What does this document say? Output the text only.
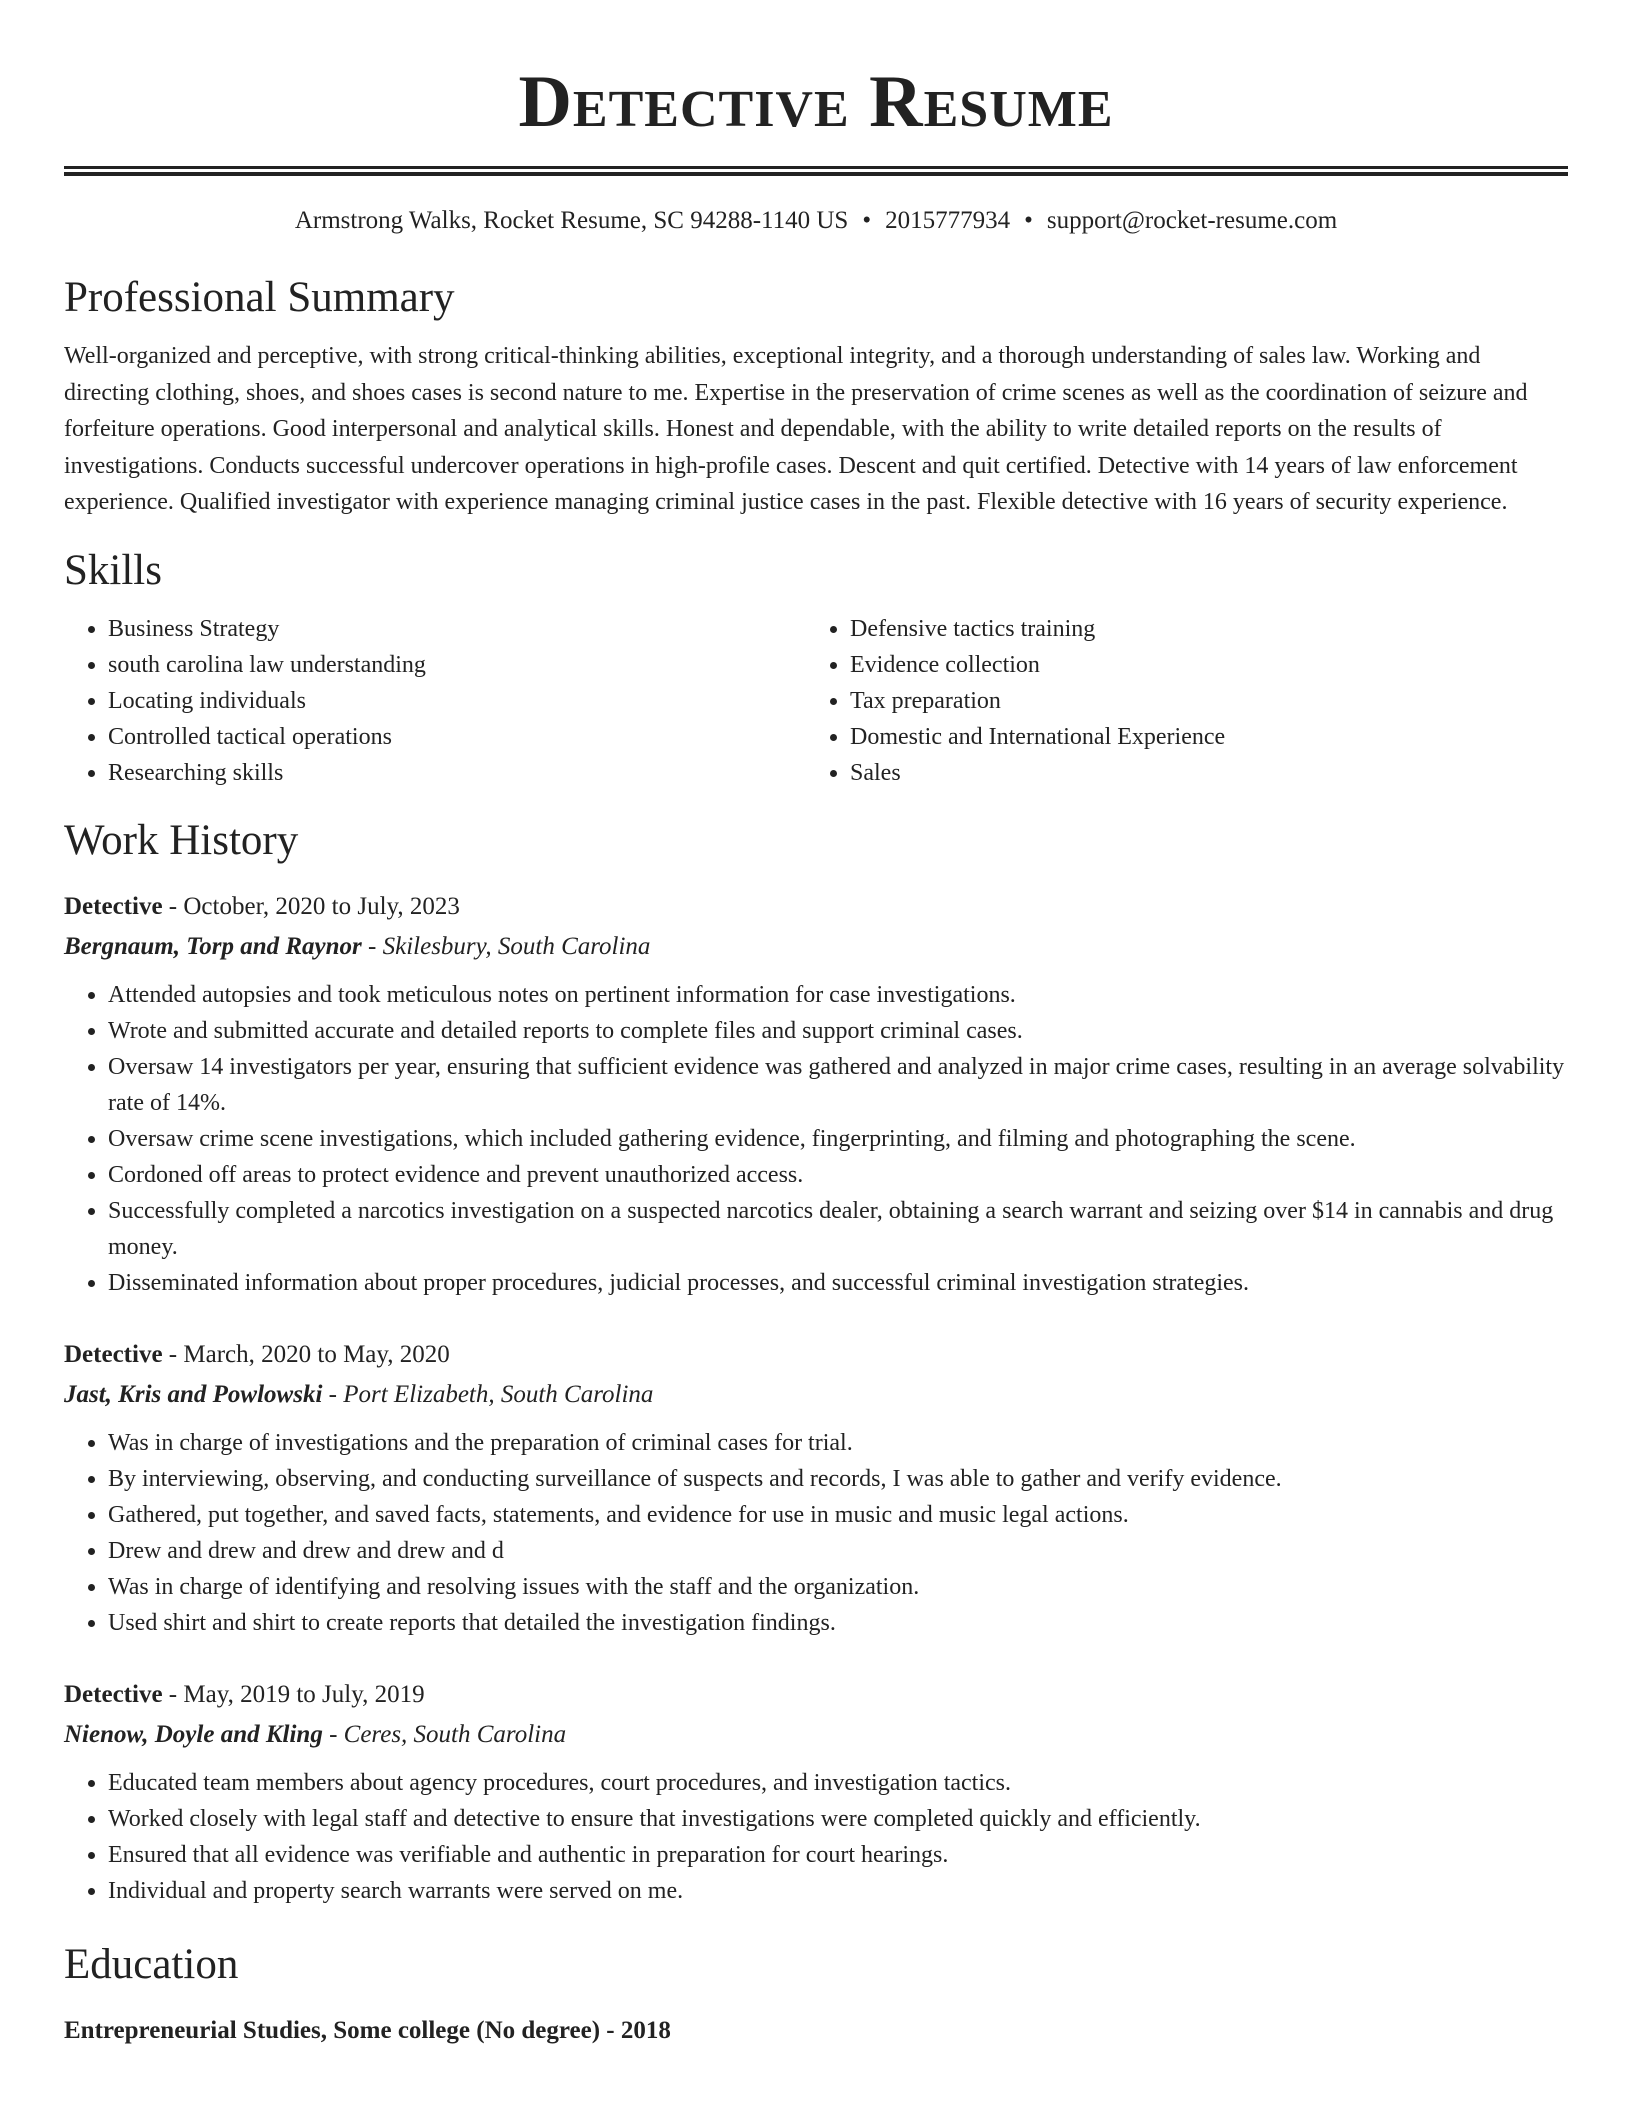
Detective Resume
Armstrong Walks, Rocket Resume, SC 94288-1140 US • 2015777934 • support@rocket-resume.com
Professional Summary

Well-organized and perceptive, with strong critical-thinking abilities, exceptional integrity, and a thorough understanding of sales law. Working and directing clothing, shoes, and shoes cases is second nature to me. Expertise in the preservation of crime scenes as well as the coordination of seizure and forfeiture operations. Good interpersonal and analytical skills. Honest and dependable, with the ability to write detailed reports on the results of investigations. Conducts successful undercover operations in high-profile cases. Descent and quit certified. Detective with 14 years of law enforcement experience. Qualified investigator with experience managing criminal justice cases in the past. Flexible detective with 16 years of security experience.

Skills
• Business Strategy
• south carolina law understanding
• Locating individuals
• Controlled tactical operations
• Researching skills
• Defensive tactics training
• Evidence collection
• Tax preparation
• Domestic and International Experience
• Sales
Work History
Detective - October, 2020 to July, 2023
Bergnaum, Torp and Raynor - Skilesbury, South Carolina
• Attended autopsies and took meticulous notes on pertinent information for case investigations.
• Wrote and submitted accurate and detailed reports to complete files and support criminal cases.
• Oversaw 14 investigators per year, ensuring that sufficient evidence was gathered and analyzed in major crime cases, resulting in an average solvability rate of 14%.
• Oversaw crime scene investigations, which included gathering evidence, fingerprinting, and filming and photographing the scene.
• Cordoned off areas to protect evidence and prevent unauthorized access.
• Successfully completed a narcotics investigation on a suspected narcotics dealer, obtaining a search warrant and seizing over $14 in cannabis and drug money.
• Disseminated information about proper procedures, judicial processes, and successful criminal investigation strategies.
Detective - March, 2020 to May, 2020
Jast, Kris and Powlowski - Port Elizabeth, South Carolina
• Was in charge of investigations and the preparation of criminal cases for trial.
• By interviewing, observing, and conducting surveillance of suspects and records, I was able to gather and verify evidence.
• Gathered, put together, and saved facts, statements, and evidence for use in music and music legal actions.
• Drew and drew and drew and drew and d
• Was in charge of identifying and resolving issues with the staff and the organization.
• Used shirt and shirt to create reports that detailed the investigation findings.
Detective - May, 2019 to July, 2019
Nienow, Doyle and Kling - Ceres, South Carolina
• Educated team members about agency procedures, court procedures, and investigation tactics.
• Worked closely with legal staff and detective to ensure that investigations were completed quickly and efficiently.
• Ensured that all evidence was verifiable and authentic in preparation for court hearings.
• Individual and property search warrants were served on me.
Education
Entrepreneurial Studies, Some college (No degree) - 2018
